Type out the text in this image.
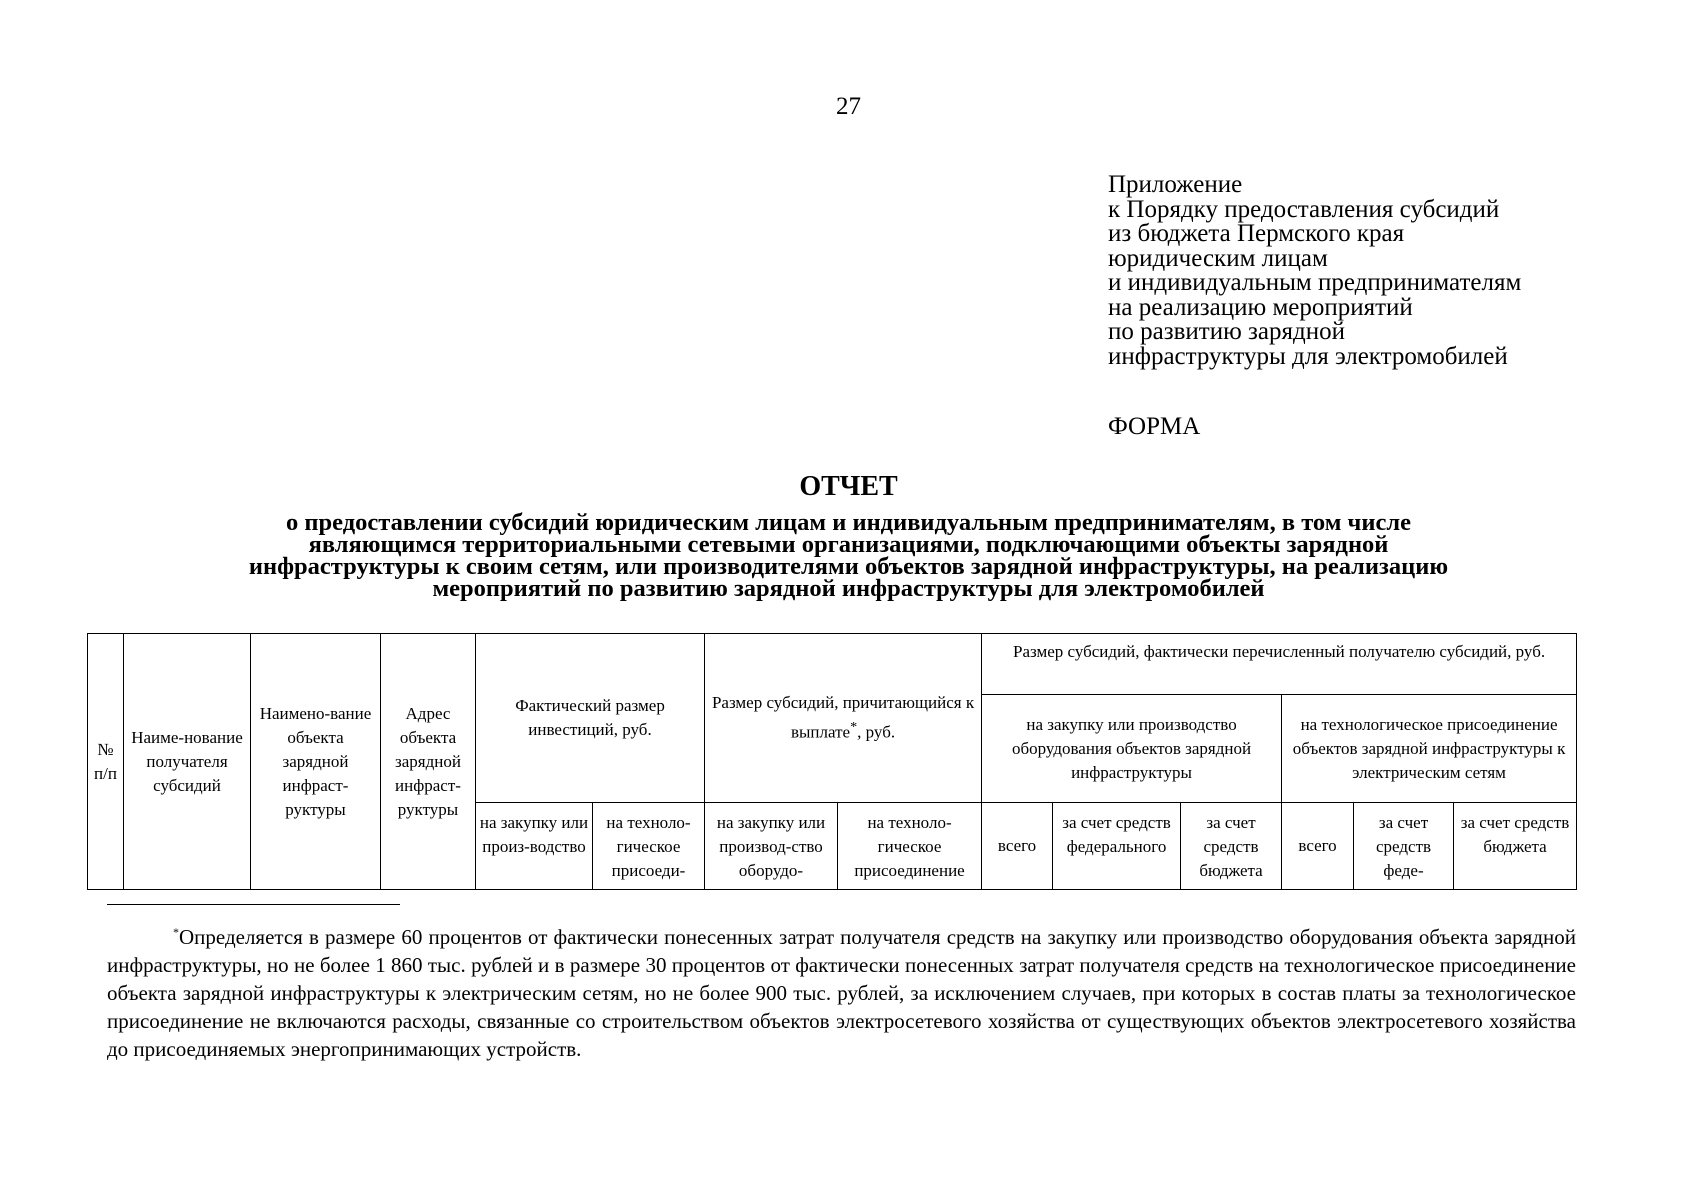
27
Приложение
к Порядку предоставления субсидий
из бюджета Пермского края
юридическим лицам
и индивидуальным предпринимателям
на реализацию мероприятий
по развитию зарядной
инфраструктуры для электромобилей
ФОРМА
ОТЧЕТ
о предоставлении субсидий юридическим лицам и индивидуальным предпринимателям, в том числе
являющимся территориальными сетевыми организациями, подключающими объекты зарядной
инфраструктуры к своим сетям, или производителями объектов зарядной инфраструктуры, на реализацию
мероприятий по развитию зарядной инфраструктуры для электромобилей
№ п/п	Наиме-нование получателя субсидий	Наимено-вание объекта зарядной инфраст-руктуры	Адрес объекта зарядной инфраст-руктуры	Фактический размер инвестиций, руб.		Размер субсидий, причитающийся к выплате*, руб.		Размер субсидий, фактически перечисленный получателю субсидий, руб.					
								на закупку или производство оборудования объектов зарядной инфраструктуры			на технологическое присоединение объектов зарядной инфраструктуры к электрическим сетям		
				на закупку или произ-водство	на техноло-гическое присоеди-	на закупку или производ-ство оборудо-	на техноло-гическое присоединение	всего	за счет средств федерального	за счет средств бюджета	всего	за счет средств феде-	за счет средств бюджета

*Определяется в размере 60 процентов от фактически понесенных затрат получателя средств на закупку или производство оборудования объекта зарядной инфраструктуры, но не более 1 860 тыс. рублей и в размере 30 процентов от фактически понесенных затрат получателя средств на технологическое присоединение объекта зарядной инфраструктуры к электрическим сетям, но не более 900 тыс. рублей, за исключением случаев, при которых в состав платы за технологическое присоединение не включаются расходы, связанные со строительством объектов электросетевого хозяйства от существующих объектов электросетевого хозяйства до присоединяемых энергопринимающих устройств.
